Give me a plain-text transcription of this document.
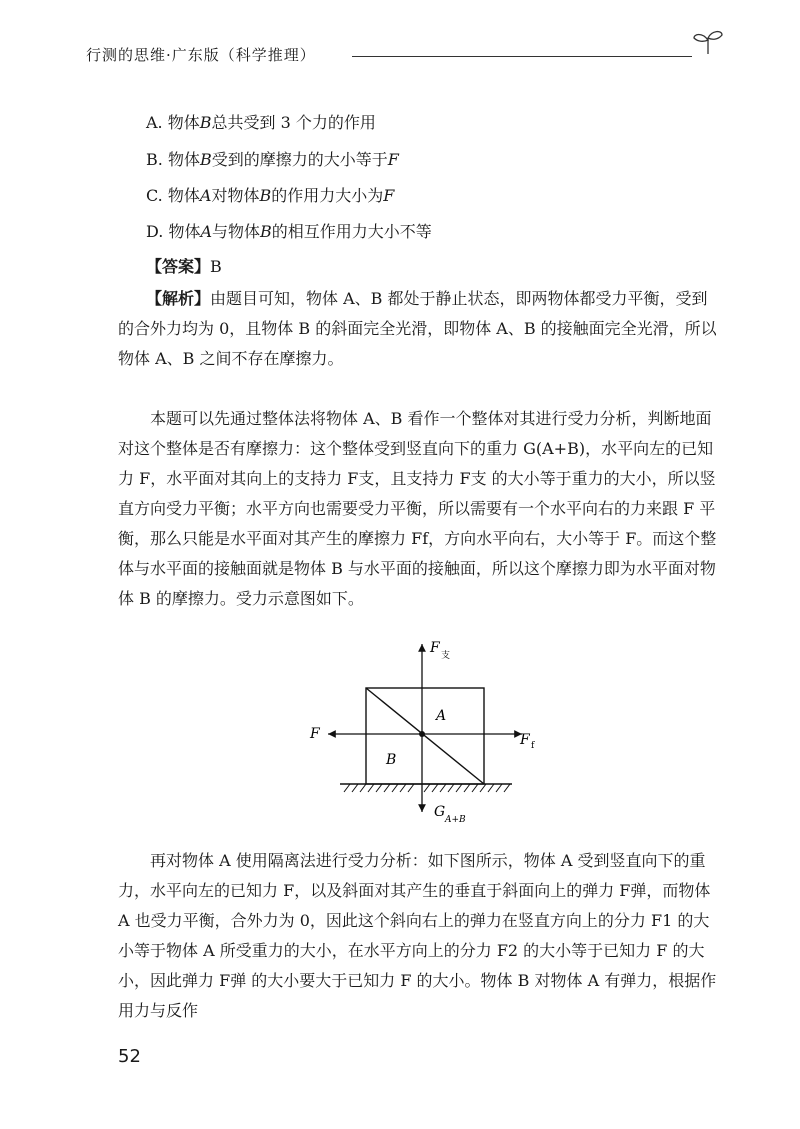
行测的思维·广东版（科学推理）
A. 物体B总共受到 3 个力的作用
B. 物体B受到的摩擦力的大小等于F
C. 物体A对物体B的作用力大小为F
D. 物体A与物体B的相互作用力大小不等
【答案】B
【解析】由题目可知，物体 A、B 都处于静止状态，即两物体都受力平衡，受到的合外力均为 0，且物体 B 的斜面完全光滑，即物体 A、B 的接触面完全光滑，所以物体 A、B 之间不存在摩擦力。
本题可以先通过整体法将物体 A、B 看作一个整体对其进行受力分析，判断地面对这个整体是否有摩擦力：这个整体受到竖直向下的重力 G(A+B)，水平向左的已知力 F，水平面对其向上的支持力 F支，且支持力 F支 的大小等于重力的大小，所以竖直方向受力平衡；水平方向也需要受力平衡，所以需要有一个水平向右的力来跟 F 平衡，那么只能是水平面对其产生的摩擦力 Ff，方向水平向右，大小等于 F。而这个整体与水平面的接触面就是物体 B 与水平面的接触面，所以这个摩擦力即为水平面对物体 B 的摩擦力。受力示意图如下。
F 支
F	F f
G A+B
A
B
再对物体 A 使用隔离法进行受力分析：如下图所示，物体 A 受到竖直向下的重力，水平向左的已知力 F，以及斜面对其产生的垂直于斜面向上的弹力 F弹，而物体 A 也受力平衡，合外力为 0，因此这个斜向右上的弹力在竖直方向上的分力 F1 的大小等于物体 A 所受重力的大小，在水平方向上的分力 F2 的大小等于已知力 F 的大小，因此弹力 F弹 的大小要大于已知力 F 的大小。物体 B 对物体 A 有弹力，根据作用力与反作
52
